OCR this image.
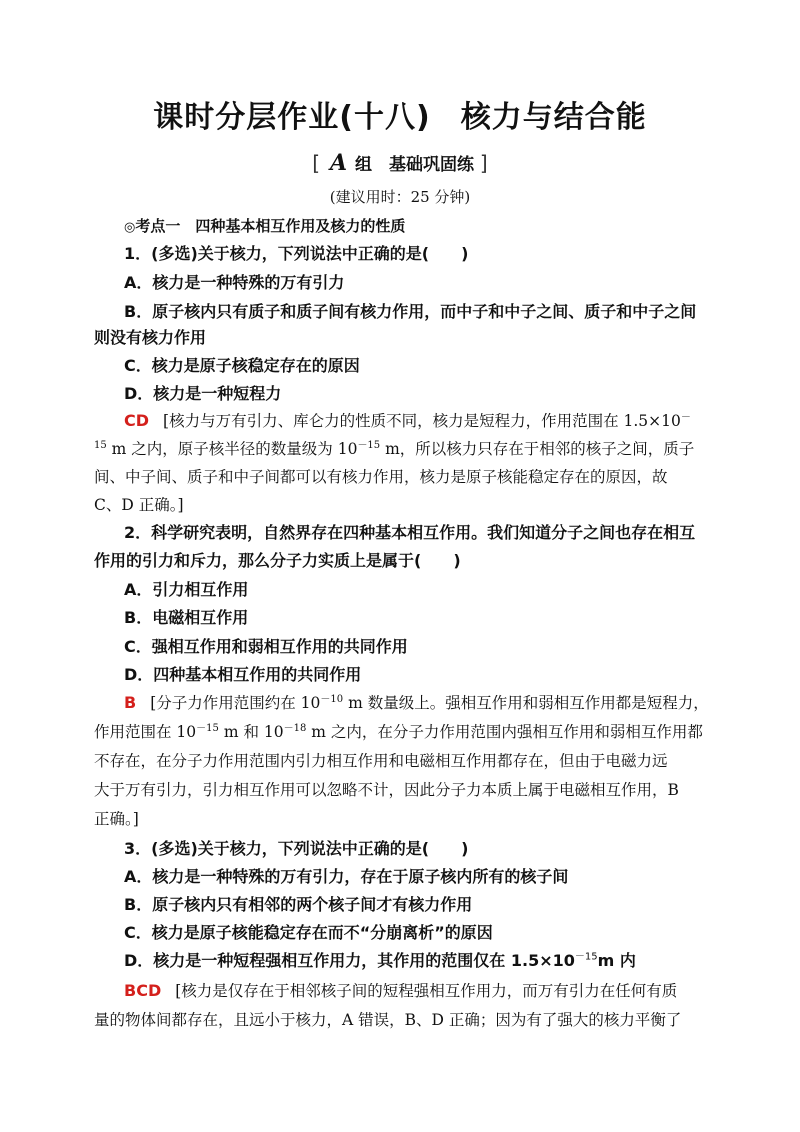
课时分层作业(十八) 核力与结合能
[ A 组　基础巩固练 ]
(建议用时：25 分钟)
◎考点一　四种基本相互作用及核力的性质
1．(多选)关于核力，下列说法中正确的是(　　)
A．核力是一种特殊的万有引力
B．原子核内只有质子和质子间有核力作用，而中子和中子之间、质子和中子之间
则没有核力作用
C．核力是原子核稳定存在的原因
D．核力是一种短程力
CD [核力与万有引力、库仑力的性质不同，核力是短程力，作用范围在 1.5×10－
$^{15}$ m 之内，原子核半径的数量级为 $10^{-15}$ m，所以核力只存在于相邻的核子之间，质子
间、中子间、质子和中子间都可以有核力作用，核力是原子核能稳定存在的原因，故
C、D 正确。]
2．科学研究表明，自然界存在四种基本相互作用。我们知道分子之间也存在相互
作用的引力和斥力，那么分子力实质上是属于(　　)
A．引力相互作用
B．电磁相互作用
C．强相互作用和弱相互作用的共同作用
D．四种基本相互作用的共同作用
B [分子力作用范围约在 $10^{-10}$ m 数量级上。强相互作用和弱相互作用都是短程力，
作用范围在 $10^{-15}$ m 和 $10^{-18}$ m 之内，在分子力作用范围内强相互作用和弱相互作用都
不存在，在分子力作用范围内引力相互作用和电磁相互作用都存在，但由于电磁力远
大于万有引力，引力相互作用可以忽略不计，因此分子力本质上属于电磁相互作用，B
正确。]
3．(多选)关于核力，下列说法中正确的是(　　)
A．核力是一种特殊的万有引力，存在于原子核内所有的核子间
B．原子核内只有相邻的两个核子间才有核力作用
C．核力是原子核能稳定存在而不“分崩离析”的原因
D．核力是一种短程强相互作用力，其作用的范围仅在 $1.5\times 10^{-15}m$ 内
BCD [核力是仅存在于相邻核子间的短程强相互作用力，而万有引力在任何有质
量的物体间都存在，且远小于核力，A 错误，B、D 正确；因为有了强大的核力平衡了
